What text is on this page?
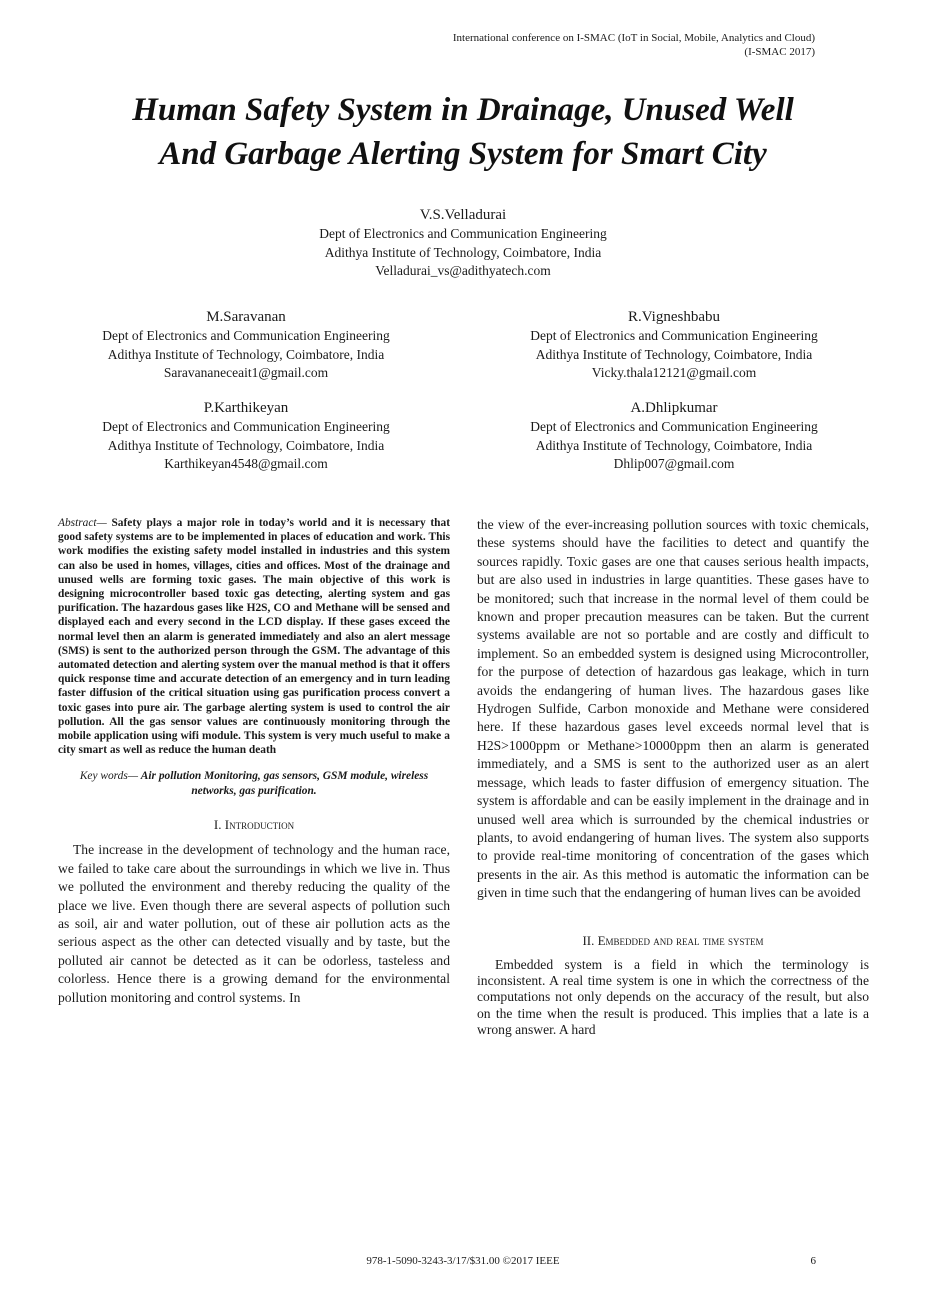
International conference on I-SMAC (IoT in Social, Mobile, Analytics and Cloud)
(I-SMAC 2017)
Human Safety System in Drainage, Unused Well
And Garbage Alerting System for Smart City
V.S.Velladurai
Dept of Electronics and Communication Engineering
Adithya Institute of Technology, Coimbatore, India
Velladurai_vs@adithyatech.com
M.Saravanan
Dept of Electronics and Communication Engineering
Adithya Institute of Technology, Coimbatore, India
Saravananeceait1@gmail.com
R.Vigneshbabu
Dept of Electronics and Communication Engineering
Adithya Institute of Technology, Coimbatore, India
Vicky.thala12121@gmail.com
P.Karthikeyan
Dept of Electronics and Communication Engineering
Adithya Institute of Technology, Coimbatore, India
Karthikeyan4548@gmail.com
A.Dhlipkumar
Dept of Electronics and Communication Engineering
Adithya Institute of Technology, Coimbatore, India
Dhlip007@gmail.com

Abstract— Safety plays a major role in today’s world and it is necessary that good safety systems are to be implemented in places of education and work. This work modifies the existing safety model installed in industries and this system can also be used in homes, villages, cities and offices. Most of the drainage and unused wells are forming toxic gases. The main objective of this work is designing microcontroller based toxic gas detecting, alerting system and gas purification. The hazardous gases like H2S, CO and Methane will be sensed and displayed each and every second in the LCD display. If these gases exceed the normal level then an alarm is generated immediately and also an alert message (SMS) is sent to the authorized person through the GSM. The advantage of this automated detection and alerting system over the manual method is that it offers quick response time and accurate detection of an emergency and in turn leading faster diffusion of the critical situation using gas purification process convert a toxic gases into pure air. The garbage alerting system is used to control the air pollution. All the gas sensor values are continuously monitoring through the mobile application using wifi module. This system is very much useful to make a city smart as well as reduce the human death

Key words— Air pollution Monitoring, gas sensors, GSM module, wireless networks, gas purification.

I. Introduction

The increase in the development of technology and the human race, we failed to take care about the surroundings in which we live in. Thus we polluted the environment and thereby reducing the quality of the place we live. Even though there are several aspects of pollution such as soil, air and water pollution, out of these air pollution acts as the serious aspect as the other can detected visually and by taste, but the polluted air cannot be detected as it can be odorless, tasteless and colorless. Hence there is a growing demand for the environmental pollution monitoring and control systems. In

the view of the ever-increasing pollution sources with toxic chemicals, these systems should have the facilities to detect and quantify the sources rapidly. Toxic gases are one that causes serious health impacts, but are also used in industries in large quantities. These gases have to be monitored; such that increase in the normal level of them could be known and proper precaution measures can be taken. But the current systems available are not so portable and are costly and difficult to implement. So an embedded system is designed using Microcontroller, for the purpose of detection of hazardous gas leakage, which in turn avoids the endangering of human lives. The hazardous gases like Hydrogen Sulfide, Carbon monoxide and Methane were considered here. If these hazardous gases level exceeds normal level that is H2S>1000ppm or Methane>10000ppm then an alarm is generated immediately, and a SMS is sent to the authorized user as an alert message, which leads to faster diffusion of emergency situation. The system is affordable and can be easily implement in the drainage and in unused well area which is surrounded by the chemical industries or plants, to avoid endangering of human lives. The system also supports to provide real-time monitoring of concentration of the gases which presents in the air. As this method is automatic the information can be given in time such that the endangering of human lives can be avoided

II. Embedded and real time system

Embedded system is a field in which the terminology is inconsistent. A real time system is one in which the correctness of the computations not only depends on the accuracy of the result, but also on the time when the result is produced. This implies that a late is a wrong answer. A hard

978-1-5090-3243-3/17/$31.00 ©2017 IEEE	6
